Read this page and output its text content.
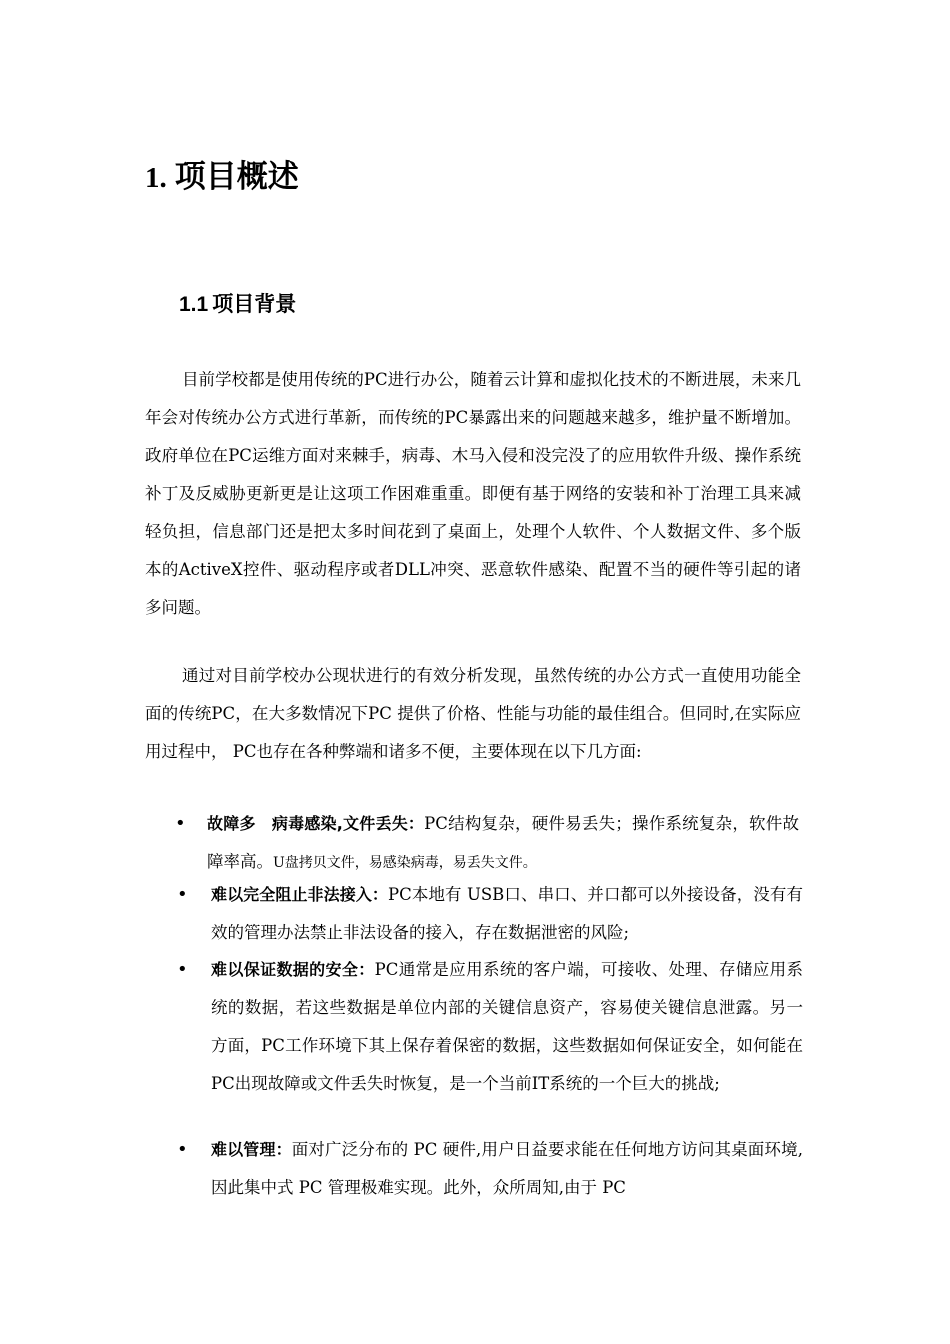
1. 项目概述
1.1 项目背景

目前学校都是使用传统的PC进行办公，随着云计算和虚拟化技术的不断进展，未来几年会对传统办公方式进行革新，而传统的PC暴露出来的问题越来越多，维护量不断增加。政府单位在PC运维方面对来棘手，病毒、木马入侵和没完没了的应用软件升级、操作系统补丁及反威胁更新更是让这项工作困难重重。即便有基于网络的安装和补丁治理工具来减轻负担，信息部门还是把太多时间花到了桌面上，处理个人软件、个人数据文件、多个版本的ActiveX控件、驱动程序或者DLL冲突、恶意软件感染、配置不当的硬件等引起的诸多问题。

通过对目前学校办公现状进行的有效分析发现，虽然传统的办公方式一直使用功能全面的传统PC，在大多数情况下PC 提供了价格、性能与功能的最佳组合。但同时,在实际应用过程中， PC也存在各种弊端和诸多不便，主要体现在以下几方面:

• 故障多　病毒感染,文件丢失：PC结构复杂，硬件易丢失；操作系统复杂，软件故障率高。U盘拷贝文件，易感染病毒，易丢失文件。

• 难以完全阻止非法接入：PC本地有 USB口、串口、并口都可以外接设备，没有有效的管理办法禁止非法设备的接入，存在数据泄密的风险;

• 难以保证数据的安全：PC通常是应用系统的客户端，可接收、处理、存储应用系统的数据，若这些数据是单位内部的关键信息资产，容易使关键信息泄露。另一方面，PC工作环境下其上保存着保密的数据，这些数据如何保证安全，如何能在PC出现故障或文件丢失时恢复，是一个当前IT系统的一个巨大的挑战;

• 难以管理：面对广泛分布的 PC 硬件,用户日益要求能在任何地方访问其桌面环境,因此集中式 PC 管理极难实现。此外，众所周知,由于 PC
